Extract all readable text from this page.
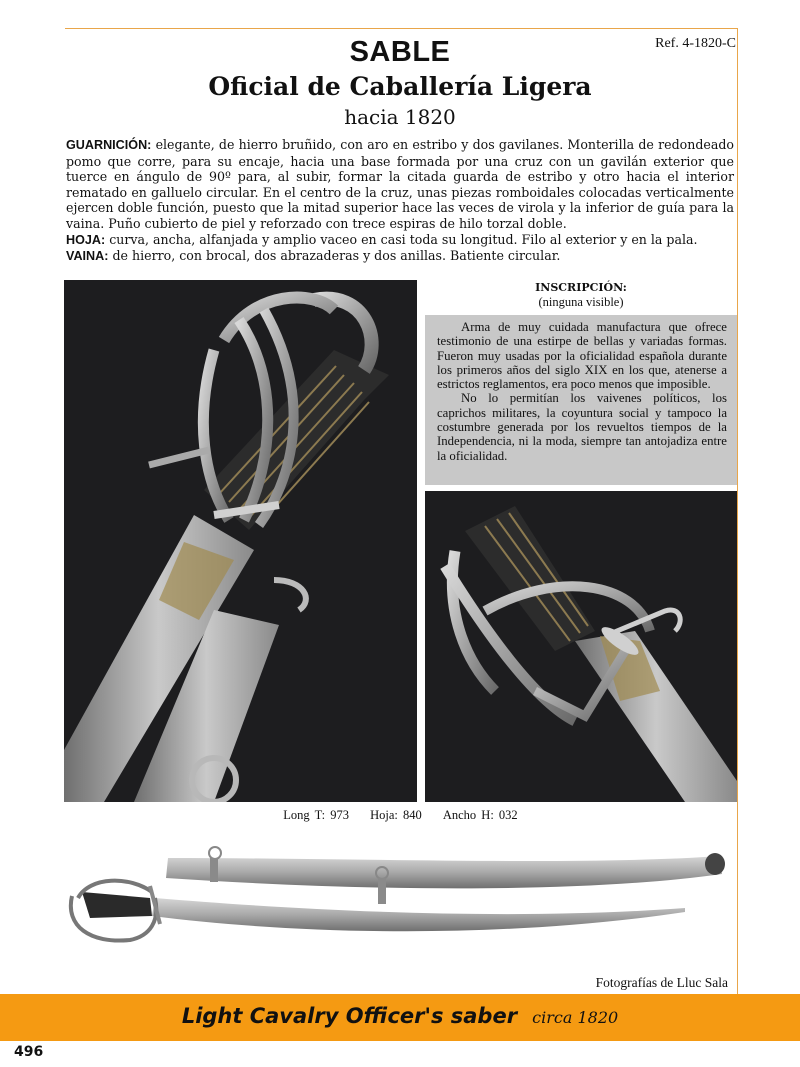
Ref. 4-1820-C
SABLE
Oficial de Caballería Ligera
hacia 1820

GUARNICIÓN: elegante, de hierro bruñido, con aro en estribo y dos gavilanes. Monterilla de redondeado pomo que corre, para su encaje, hacia una base formada por una cruz con un gavilán exterior que tuerce en ángulo de 90º para, al subir, formar la citada guarda de estribo y otro hacia el interior rematado en galluelo circular. En el centro de la cruz, unas piezas romboidales colocadas verticalmente ejercen doble función, puesto que la mitad superior hace las veces de virola y la inferior de guía para la vaina. Puño cubierto de piel y reforzado con trece espiras de hilo torzal doble.

HOJA: curva, ancha, alfanjada y amplio vaceo en casi toda su longitud. Filo al exterior y en la pala.

VAINA: de hierro, con brocal, dos abrazaderas y dos anillas. Batiente circular.

INSCRIPCIÓN:
(ninguna visible)

Arma de muy cuidada manufactura que ofrece testimonio de una estirpe de bellas y variadas formas. Fueron muy usadas por la oficialidad española durante los primeros años del siglo XIX en los que, atenerse a estrictos reglamentos, era poco menos que imposible.

No lo permitían los vaivenes políticos, los caprichos militares, la coyuntura social y tampoco la costumbre generada por los revueltos tiempos de la Independencia, ni la moda, siempre tan antojadiza entre la oficialidad.

Long T: 973 Hoja: 840 Ancho H: 032
Fotografías de Lluc Sala
Light Cavalry Officer's saber circa 1820
496
